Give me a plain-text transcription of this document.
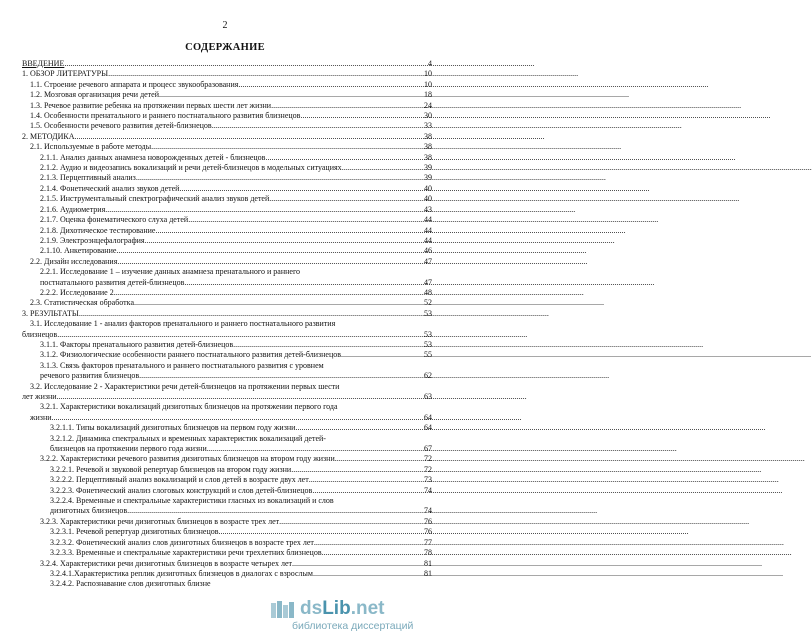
2
СОДЕРЖАНИЕ
ВВЕДЕНИЕ .....	4
1. ОБЗОР ЛИТЕРАТУРЫ .....	10
1.1. Строение речевого аппарата и процесс звукообразования .....	10
1.2. Мозговая организация речи детей .....	18
1.3. Речевое развитие ребенка на протяжении первых шести лет жизни .....	24
1.4. Особенности пренатального и раннего постнатального развития близнецов .....	30
1.5. Особенности речевого развития детей-близнецов .....	33
2. МЕТОДИКА .....	38
2.1. Используемые в работе методы .....	38
2.1.1. Анализ данных анамнеза новорожденных детей - близнецов .....	38
2.1.2. Аудио и видеозапись вокализаций и речи детей-близнецов в модельных ситуациях .....	39
2.1.3. Перцептивный анализ .....	39
2.1.4. Фонетический анализ звуков детей .....	40
2.1.5. Инструментальный спектрографический анализ звуков детей .....	40
2.1.6. Аудиометрия .....	43
2.1.7. Оценка фонематического слуха детей .....	44
2.1.8. Дихотическое тестирование .....	44
2.1.9. Электроэнцефалография .....	44
2.1.10. Анкетирование .....	46
2.2. Дизайн исследования .....	47
2.2.1. Исследование 1 – изучение данных анамнеза пренатального и раннего
постнатального развития детей-близнецов .....	47
2.2.2. Исследование 2 .....	48
2.3. Статистическая обработка .....	52
3. РЕЗУЛЬТАТЫ .....	53
3.1. Исследование 1 - анализ факторов пренатального и раннего постнатального развития
близнецов .....	53
3.1.1. Факторы пренатального развития детей-близнецов .....	53
3.1.2. Физиологические особенности раннего постнатального развития детей-близнецов .....	55
3.1.3. Связь факторов пренатального и раннего постнатального развития с уровнем
речевого развития близнецов .....	62
3.2. Исследование 2 - Характеристики речи детей-близнецов на протяжении первых шести
лет жизни .....	63
3.2.1. Характеристики вокализаций дизиготных близнецов на протяжении первого года
жизни .....	64
3.2.1.1. Типы вокализаций дизиготных близнецов на первом году жизни .....	64
3.2.1.2. Динамика спектральных и временных характеристик вокализаций детей-
близнецов на протяжении первого года жизни .....	67
3.2.2. Характеристики речевого развития дизиготных близнецов на втором году жизни .....	72
3.2.2.1. Речевой и звуковой репертуар близнецов на втором году жизни .....	72
3.2.2.2. Перцептивный анализ вокализаций и слов детей в возрасте двух лет .....	73
3.2.2.3. Фонетический анализ слоговых конструкций и слов детей-близнецов .....	74
3.2.2.4. Временные и спектральные характеристики гласных из вокализаций и слов
дизиготных близнецов .....	74
3.2.3. Характеристики речи дизиготных близнецов в возрасте трех лет .....	76
3.2.3.1. Речевой репертуар дизиготных близнецов .....	76
3.2.3.2. Фонетический анализ слов дизиготных близнецов в возрасте трех лет .....	77
3.2.3.3. Временные и спектральные характеристики речи трехлетних близнецов .....	78
3.2.4. Характеристики речи дизиготных близнецов в возрасте четырех лет .....	81
3.2.4.1.Характеристика реплик дизиготных близнецов в диалогах с взрослым .....	81
3.2.4.2. Распознавание слов дизиготных близне
dsLib.net
библиотека диссертаций
